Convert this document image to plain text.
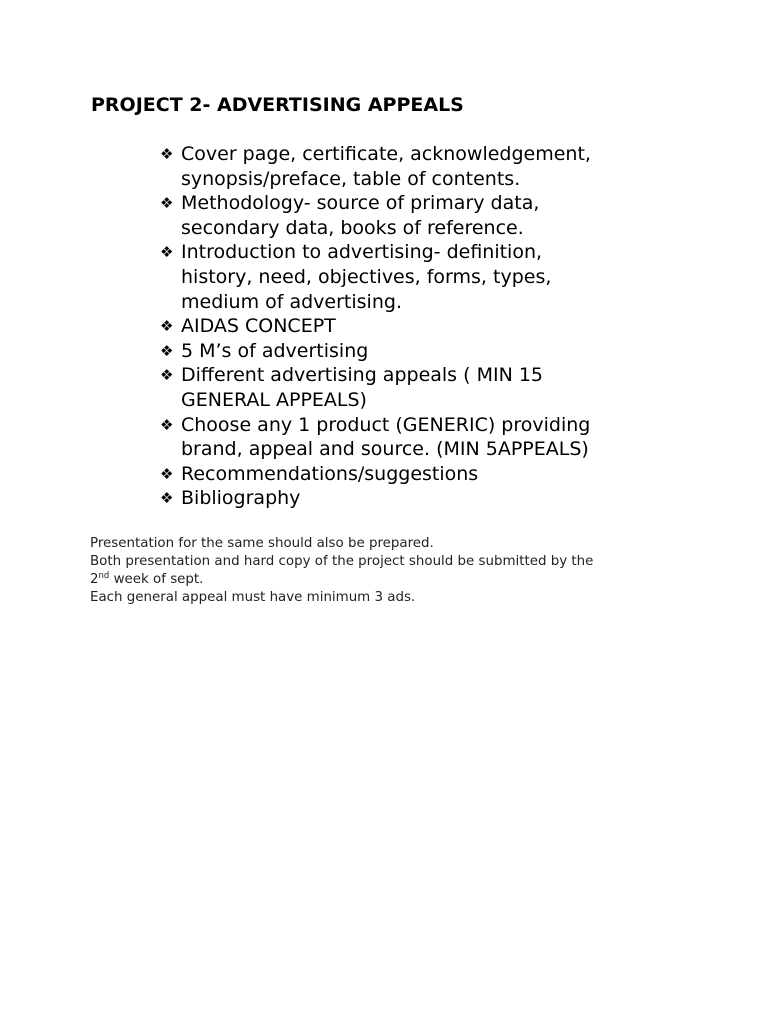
PROJECT 2- ADVERTISING APPEALS
❖ Cover page, certificate, acknowledgement,
synopsis/preface, table of contents.
❖ Methodology- source of primary data,
secondary data, books of reference.
❖ Introduction to advertising- definition,
history, need, objectives, forms, types,
medium of advertising.
❖ AIDAS CONCEPT
❖ 5 M’s of advertising
❖ Different advertising appeals ( MIN 15
GENERAL APPEALS)
❖ Choose any 1 product (GENERIC) providing
brand, appeal and source. (MIN 5APPEALS)
❖ Recommendations/suggestions
❖ Bibliography

Presentation for the same should also be prepared.

Both presentation and hard copy of the project should be submitted by the

2nd week of sept.

Each general appeal must have minimum 3 ads.
